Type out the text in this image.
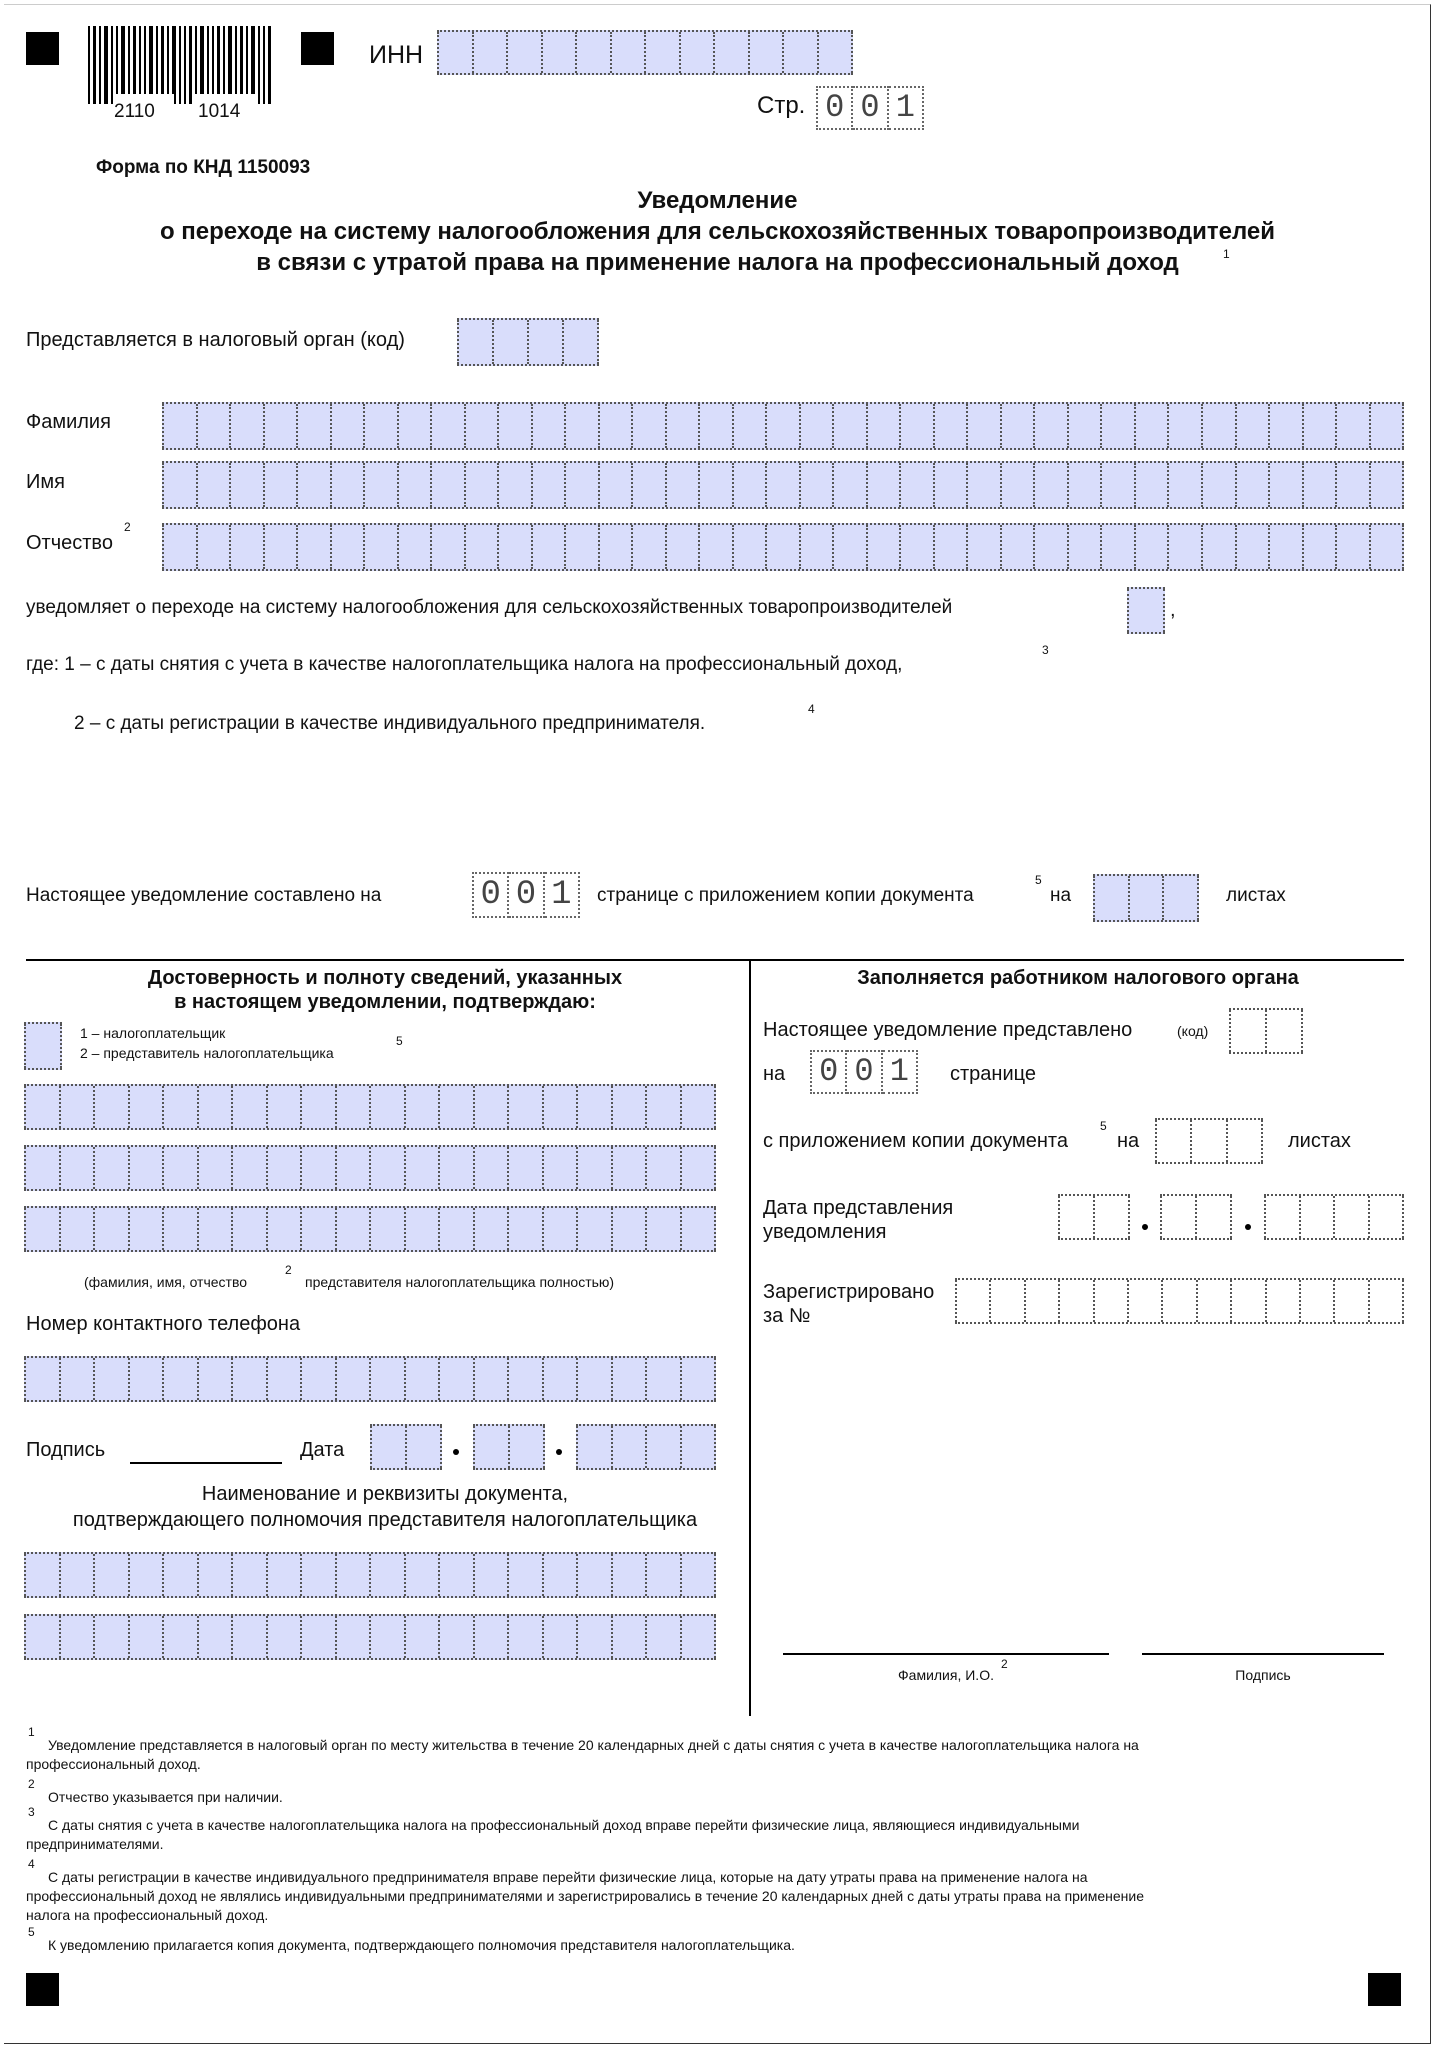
2110 1014
ИНН
Стр. 0 0 1
Форма по КНД 1150093
Уведомление
о переходе на систему налогообложения для сельскохозяйственных товаропроизводителей
в связи с утратой права на применение налога на профессиональный доход	1
Представляется в налоговый орган (код)
Фамилия
Имя
Отчество
2
уведомляет о переходе на систему налогообложения для сельскохозяйственных товаропроизводителей	,
где: 1 – с даты снятия с учета в качестве налогоплательщика налога на профессиональный доход,
3
2 – с даты регистрации в качестве индивидуального предпринимателя.
4
Настоящее уведомление составлено на	0 0 1	странице с приложением копии документа
5
на	листах
Достоверность и полноту сведений, указанных
в настоящем уведомлении, подтверждаю:
1 – налогоплательщик
2 – представитель налогоплательщика
5
(фамилия, имя, отчество
2
представителя налогоплательщика полностью)
Номер контактного телефона
Подпись	Дата
Наименование и реквизиты документа,
подтверждающего полномочия представителя налогоплательщика
Заполняется работником налогового органа
Настоящее уведомление представлено	(код)
на 0 0 1	странице
с приложением копии документа
5
на	листах
Дата представления
уведомления
Зарегистрировано
за №
Фамилия, И.О.
2
Подпись
1
Уведомление представляется в налоговый орган по месту жительства в течение 20 календарных дней с даты снятия с учета в качестве налогоплательщика налога на
профессиональный доход.
2
Отчество указывается при наличии.
3
С даты снятия с учета в качестве налогоплательщика налога на профессиональный доход вправе перейти физические лица, являющиеся индивидуальными
предпринимателями.
4
С даты регистрации в качестве индивидуального предпринимателя вправе перейти физические лица, которые на дату утраты права на применение налога на
профессиональный доход не являлись индивидуальными предпринимателями и зарегистрировались в течение 20 календарных дней с даты утраты права на применение
налога на профессиональный доход.
5
К уведомлению прилагается копия документа, подтверждающего полномочия представителя налогоплательщика.
